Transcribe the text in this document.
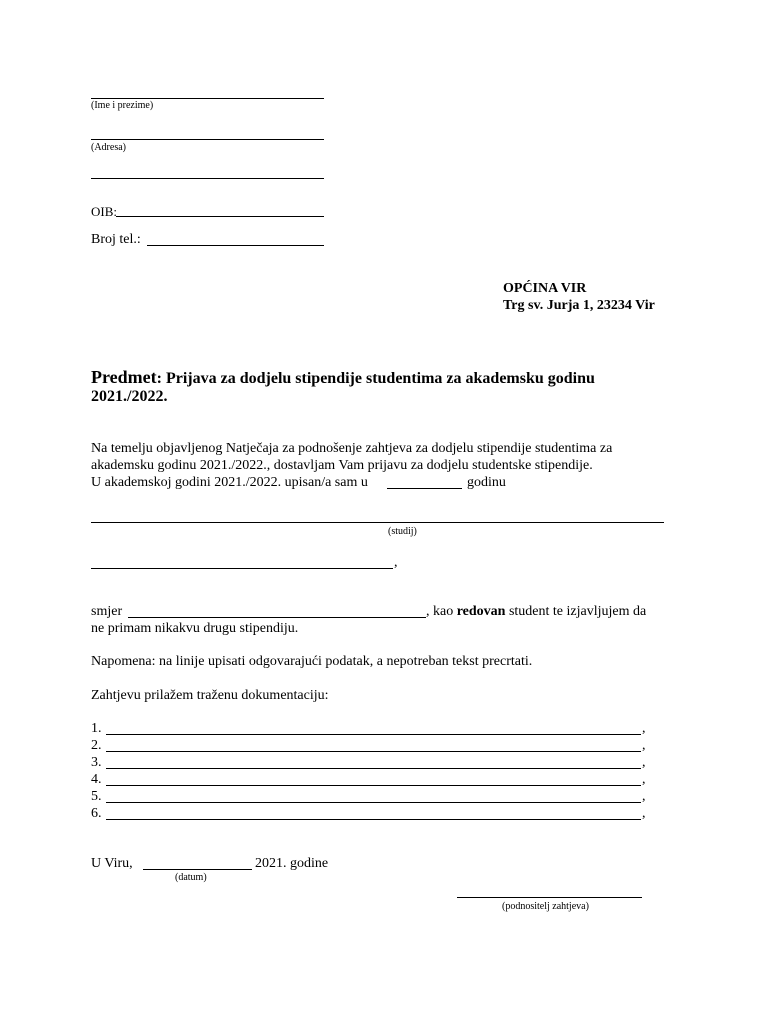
(Ime i prezime)
(Adresa)
OIB:
Broj tel.:
OPĆINA VIR
Trg sv. Jurja 1, 23234 Vir
Predmet: Prijava za dodjelu stipendije studentima za akademsku godinu
2021./2022.
Na temelju objavljenog Natječaja za podnošenje zahtjeva za dodjelu stipendije studentima za
akademsku godinu 2021./2022., dostavljam Vam prijavu za dodjelu studentske stipendije.
U akademskoj godini 2021./2022. upisan/a sam u	godinu
(studij)
,
smjer	, kao redovan student te izjavljujem da
ne primam nikakvu drugu stipendiju.
Napomena: na linije upisati odgovarajući podatak, a nepotreban tekst precrtati.
Zahtjevu prilažem traženu dokumentaciju:
1.	,
2.	,
3.	,
4.	,
5.	,
6.	,
U Viru,	2021. godine
(datum)
(podnositelj zahtjeva)
